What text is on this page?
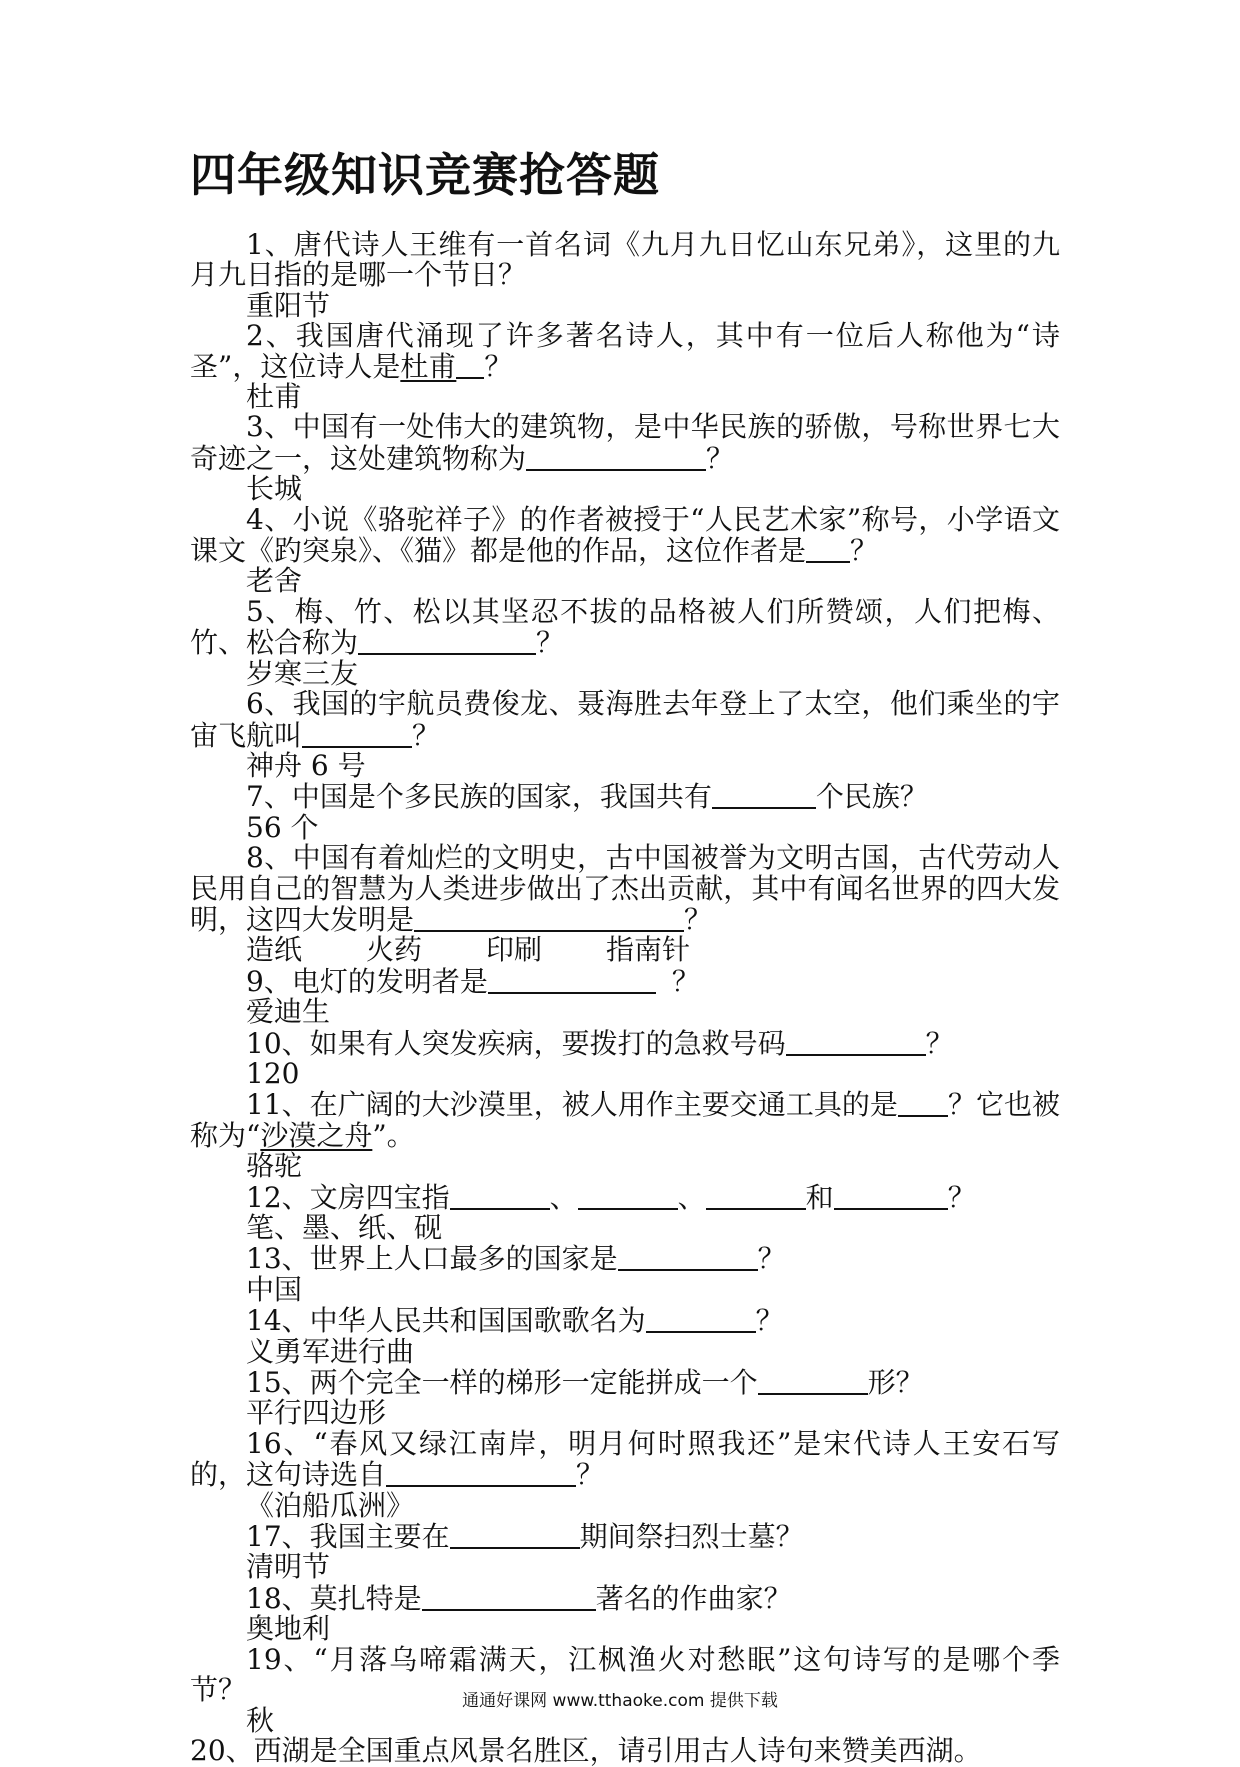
四年级知识竞赛抢答题

1、唐代诗人王维有一首名词《九月九日忆山东兄弟》，这里的九月九日指的是哪一个节日？

重阳节

2、我国唐代涌现了许多著名诗人，其中有一位后人称他为“诗圣”，这位诗人是杜甫 ？

杜甫

3、中国有一处伟大的建筑物，是中华民族的骄傲，号称世界七大奇迹之一，这处建筑物称为	？

长城

4、小说《骆驼祥子》的作者被授于“人民艺术家”称号，小学语文课文《趵突泉》、《猫》都是他的作品，这位作者是 ？

老舍

5、梅、竹、松以其坚忍不拔的品格被人们所赞颂，人们把梅、竹、松合称为	？

岁寒三友

6、我国的宇航员费俊龙、聂海胜去年登上了太空，他们乘坐的宇宙飞航叫	？

神舟 6 号

7、中国是个多民族的国家，我国共有	个民族？

56 个

8、中国有着灿烂的文明史，古中国被誉为文明古国，古代劳动人民用自己的智慧为人类进步做出了杰出贡献，其中有闻名世界的四大发明，这四大发明是	？

造纸 火药 印刷 指南针

9、电灯的发明者是	？

爱迪生

10、如果有人突发疾病，要拨打的急救号码	？

120

11、在广阔的大沙漠里，被人用作主要交通工具的是 ？它也被称为“沙漠之舟”。

骆驼

12、文房四宝指	、	、	和	？

笔、墨、纸、砚

13、世界上人口最多的国家是	？

中国

14、中华人民共和国国歌歌名为	？

义勇军进行曲

15、两个完全一样的梯形一定能拼成一个	形？

平行四边形

16、“春风又绿江南岸，明月何时照我还”是宋代诗人王安石写的，这句诗选自	？

《泊船瓜洲》

17、我国主要在	期间祭扫烈士墓？

清明节

18、莫扎特是	著名的作曲家？

奥地利

19、“月落乌啼霜满天，江枫渔火对愁眠”这句诗写的是哪个季节？

秋

20、西湖是全国重点风景名胜区，请引用古人诗句来赞美西湖。

通通好课网 www.tthaoke.com 提供下载
